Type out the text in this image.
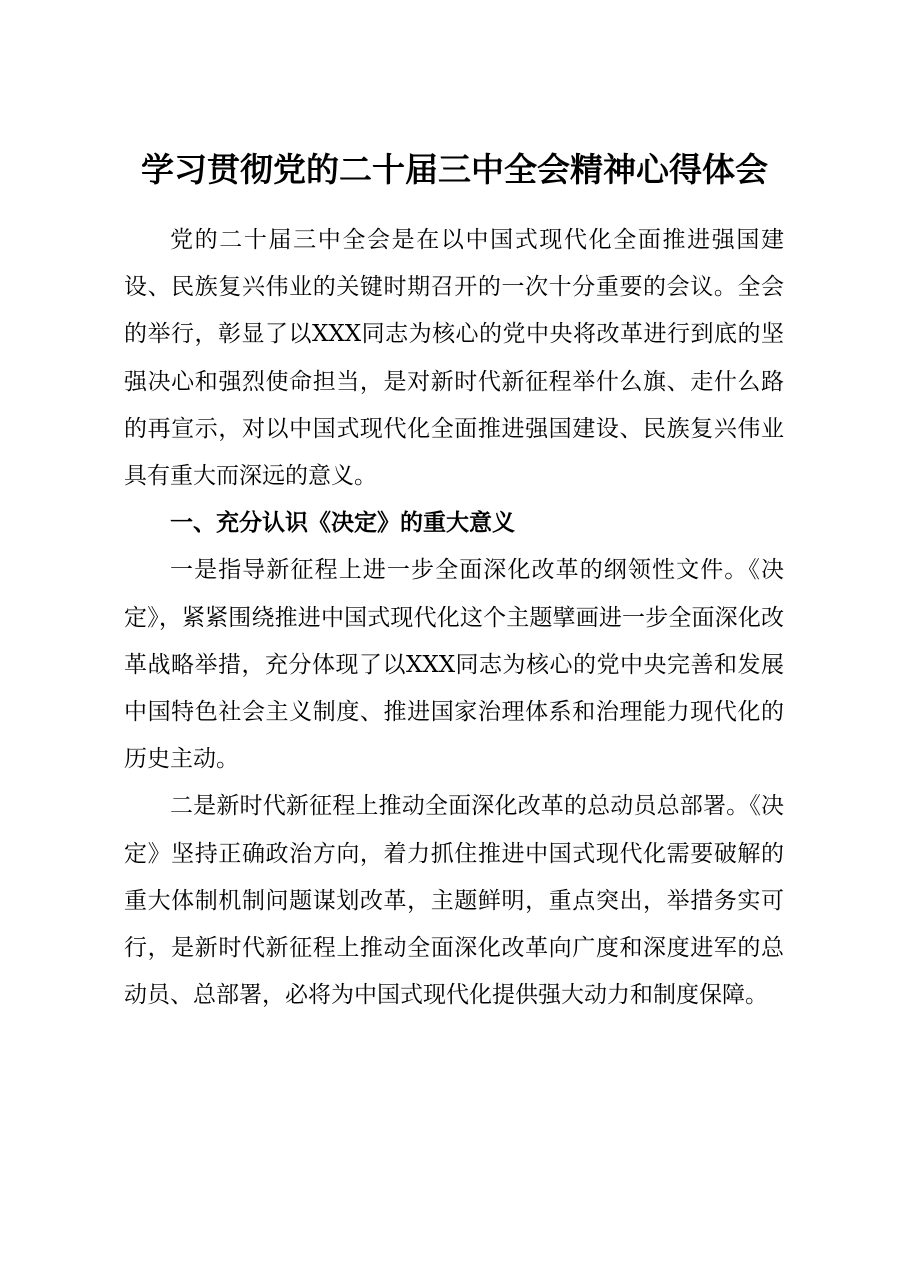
学习贯彻党的二十届三中全会精神心得体会

党的二十届三中全会是在以中国式现代化全面推进强国建设、民族复兴伟业的关键时期召开的一次十分重要的会议。全会的举行，彰显了以XXX同志为核心的党中央将改革进行到底的坚强决心和强烈使命担当，是对新时代新征程举什么旗、走什么路的再宣示，对以中国式现代化全面推进强国建设、民族复兴伟业具有重大而深远的意义。

一、充分认识《决定》的重大意义

一是指导新征程上进一步全面深化改革的纲领性文件。《决定》，紧紧围绕推进中国式现代化这个主题擘画进一步全面深化改革战略举措，充分体现了以XXX同志为核心的党中央完善和发展中国特色社会主义制度、推进国家治理体系和治理能力现代化的历史主动。

二是新时代新征程上推动全面深化改革的总动员总部署。《决定》坚持正确政治方向，着力抓住推进中国式现代化需要破解的重大体制机制问题谋划改革，主题鲜明，重点突出，举措务实可行，是新时代新征程上推动全面深化改革向广度和深度进军的总动员、总部署，必将为中国式现代化提供强大动力和制度保障。
